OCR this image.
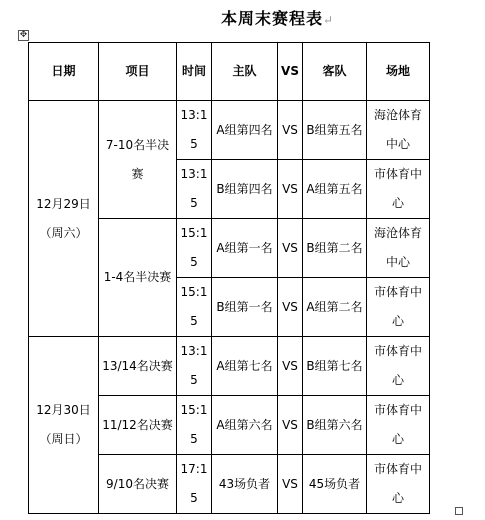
本周末赛程表↵
✥
日期	项目	时间	主队	VS	客队	场地
12月29日（周六）	7-10名半决赛	13:15	A组第四名	VS	B组第五名	海沧体育中心
		13:15	B组第四名	VS	A组第五名	市体育中心
	1-4名半决赛	15:15	A组第一名	VS	B组第二名	海沧体育中心
		15:15	B组第一名	VS	A组第二名	市体育中心
12月30日（周日）	13/14名决赛	13:15	A组第七名	VS	B组第七名	市体育中心
	11/12名决赛	15:15	A组第六名	VS	B组第六名	市体育中心
	9/10名决赛	17:15	43场负者	VS	45场负者	市体育中心
